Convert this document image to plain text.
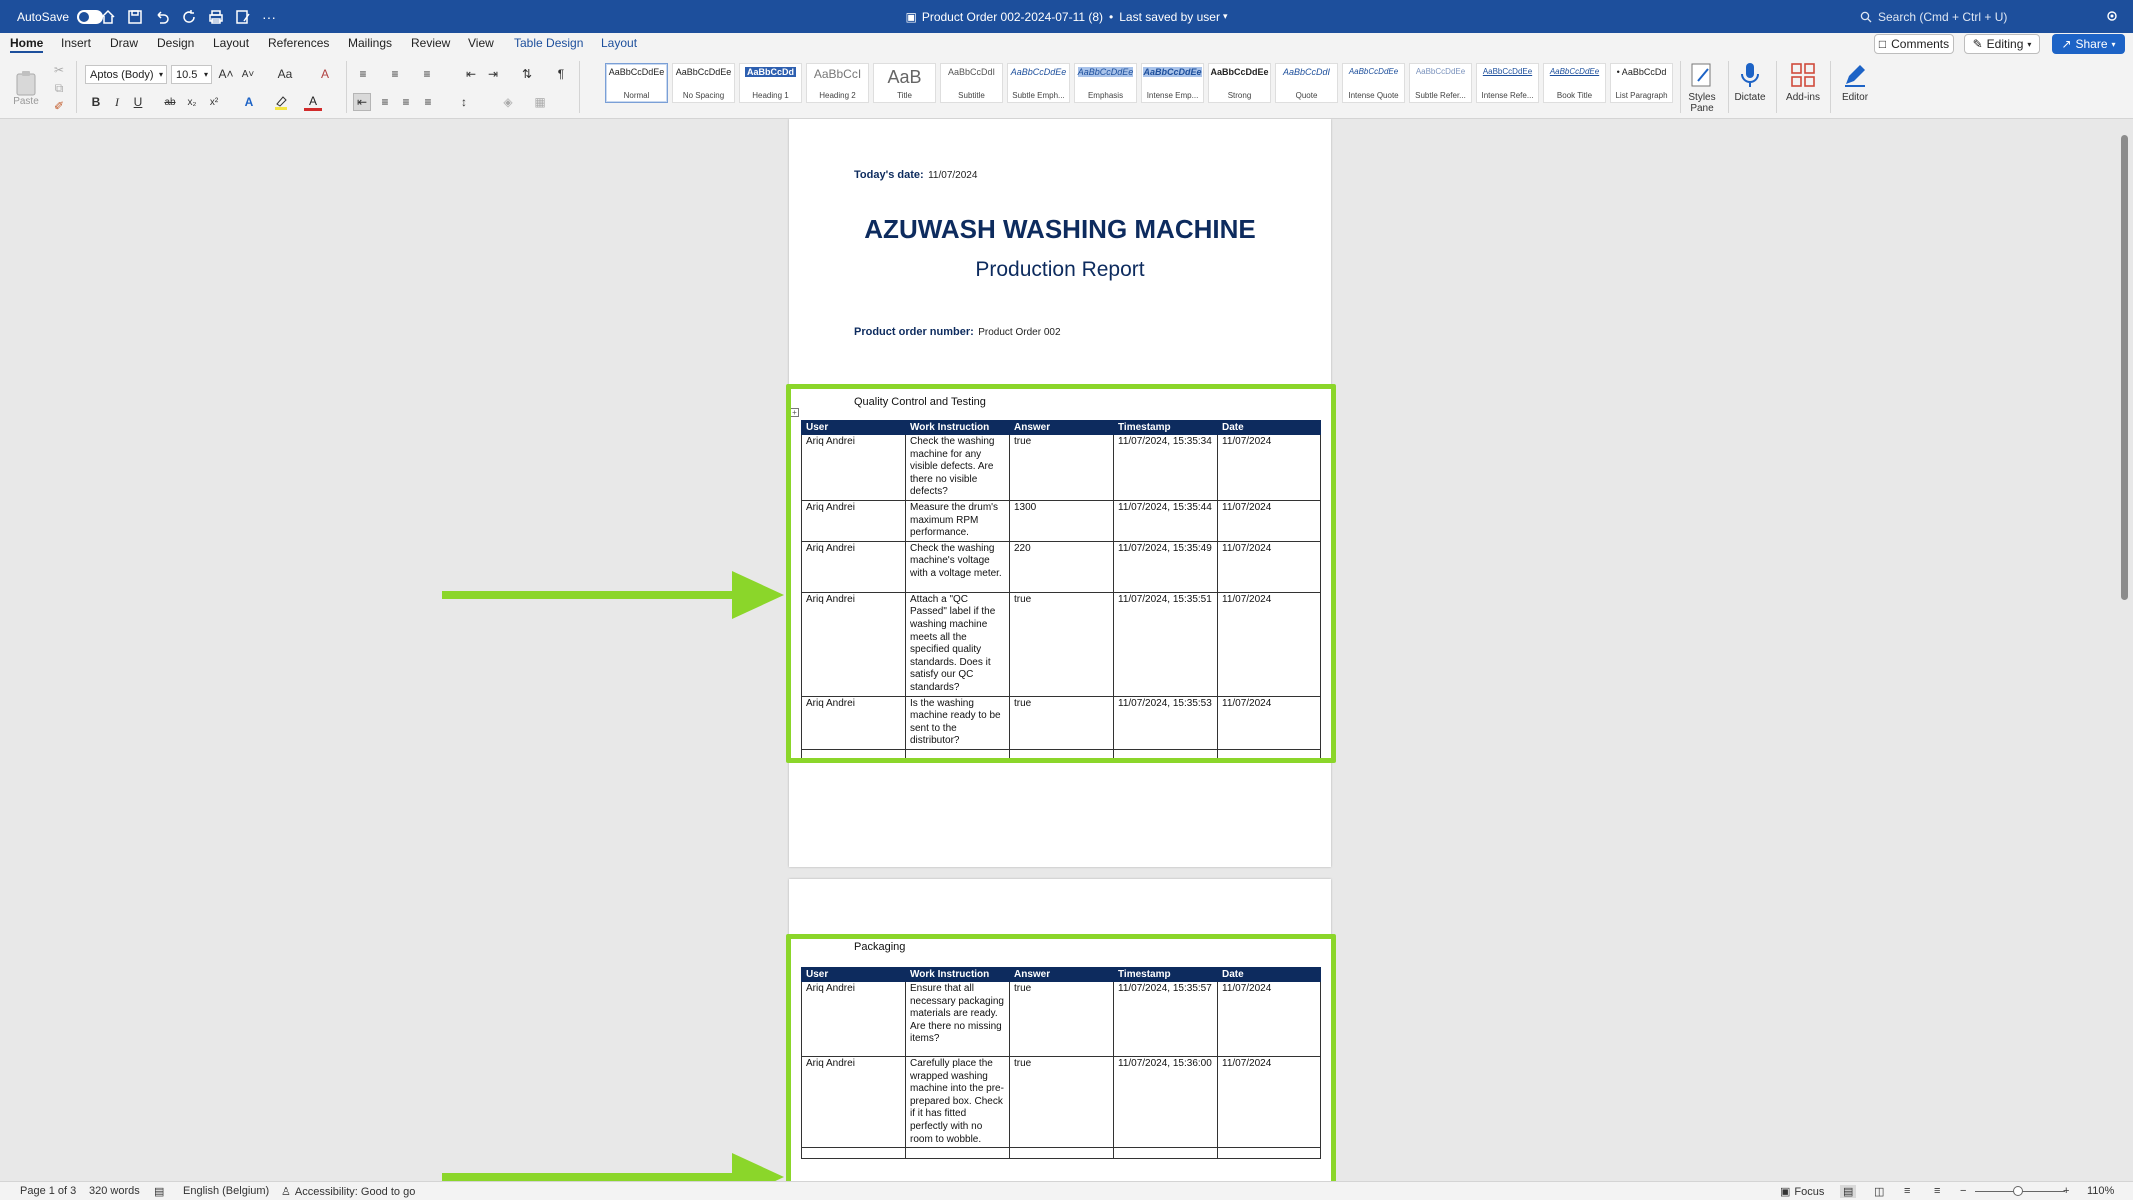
AutoSave	···	▣ Product Order 002-2024-07-11 (8) • Last saved by user ▾	Search (Cmd + Ctrl + U)
Home Insert Draw Design Layout References Mailings Review View Table Design Layout	□ Comments ✎ Editing ▾	↗ Share ▾
Paste
✂
⧉
✐
Aptos (Body) ▾ 10.5 ▾ A˄ A˅	Aa	A
B	I	U	ab	x₂	x²	A	A
≡	≡	≡	⇤ ⇥	⇅	¶
⇤	≡	≡	≡	↕	◈	▦
AaBbCcDdEe
Normal
AaBbCcDdEe
No Spacing
AaBbCcDd
Heading 1
AaBbCcI
Heading 2
AaB
Title
AaBbCcDdI
Subtitle
AaBbCcDdEe
Subtle Emph...
AaBbCcDdEe
Emphasis
AaBbCcDdEe
Intense Emp...
AaBbCcDdEe
Strong
AaBbCcDdI
Quote
AaBbCcDdEe
Intense Quote
AaBbCcDdEe
Subtle Refer...
AaBbCcDdEe
Intense Refe...
AaBbCcDdEe
Book Title
• AaBbCcDd
List Paragraph Styles
Pane
Dictate Add-ins Editor
Today's date: 11/07/2024
AZUWASH WASHING MACHINE
Production Report
Product order number: Product Order 002
+
Quality Control and Testing
User	Work Instruction	Answer	Timestamp	Date
Ariq Andrei	Check the washing machine for any visible defects. Are there no visible defects?	true	11/07/2024, 15:35:34	11/07/2024
Ariq Andrei	Measure the drum's maximum RPM performance.	1300	11/07/2024, 15:35:44	11/07/2024
Ariq Andrei	Check the washing machine's voltage with a voltage meter.	220	11/07/2024, 15:35:49	11/07/2024
Ariq Andrei	Attach a "QC Passed" label if the washing machine meets all the specified quality standards. Does it satisfy our QC standards?	true	11/07/2024, 15:35:51	11/07/2024
Ariq Andrei	Is the washing machine ready to be sent to the distributor?	true	11/07/2024, 15:35:53	11/07/2024

Packaging
User	Work Instruction	Answer	Timestamp	Date
Ariq Andrei	Ensure that all necessary packaging materials are ready. Are there no missing items?	true	11/07/2024, 15:35:57	11/07/2024
Ariq Andrei	Carefully place the wrapped washing machine into the pre-prepared box. Check if it has fitted perfectly with no room to wobble.	true	11/07/2024, 15:36:00	11/07/2024

Page 1 of 3 320 words ▤ English (Belgium) ♙ Accessibility: Good to go	▣ Focus ▤ ◫ ≡ ≡ −	+ 110%
